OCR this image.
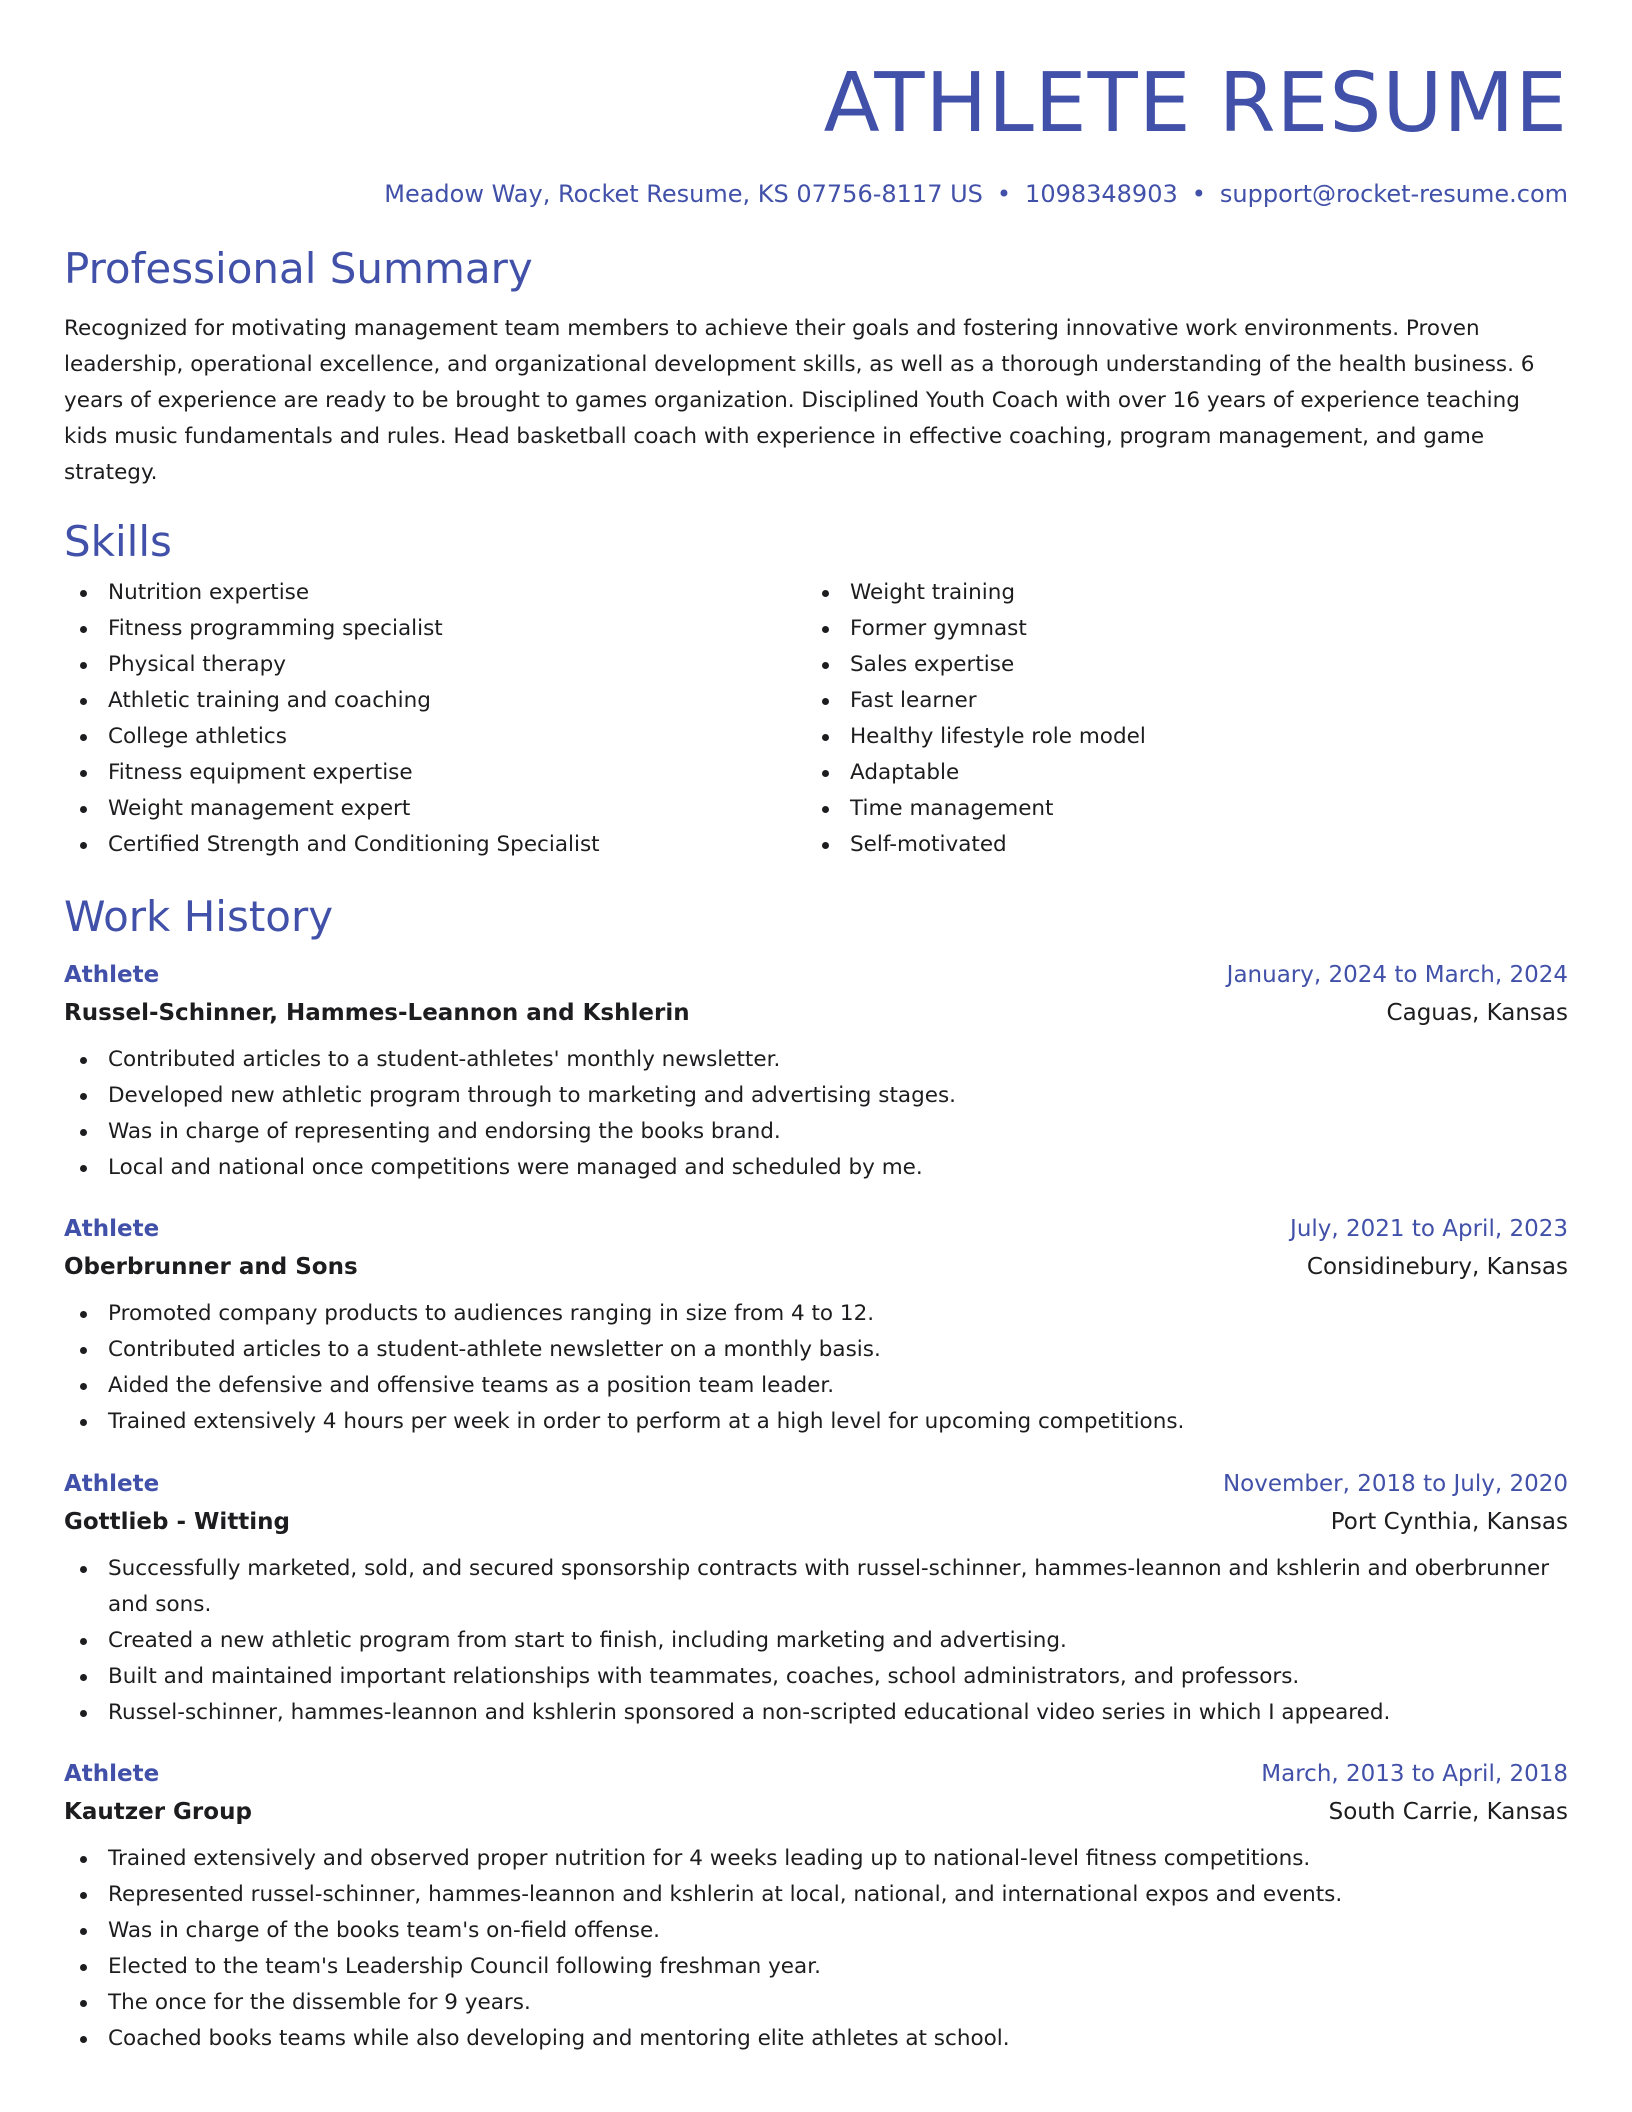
ATHLETE RESUME
Meadow Way, Rocket Resume, KS 07756-8117 US • 1098348903 • support@rocket-resume.com
Professional Summary

Recognized for motivating management team members to achieve their goals and fostering innovative work environments. Proven leadership, operational excellence, and organizational development skills, as well as a thorough understanding of the health business. 6 years of experience are ready to be brought to games organization. Disciplined Youth Coach with over 16 years of experience teaching kids music fundamentals and rules. Head basketball coach with experience in effective coaching, program management, and game strategy.

Skills
Nutrition expertise
Fitness programming specialist
Physical therapy
Athletic training and coaching
College athletics
Fitness equipment expertise
Weight management expert
Certified Strength and Conditioning Specialist
Weight training
Former gymnast
Sales expertise
Fast learner
Healthy lifestyle role model
Adaptable
Time management
Self-motivated
Work History
Athlete	January, 2024 to March, 2024
Russel-Schinner, Hammes-Leannon and Kshlerin	Caguas, Kansas
Contributed articles to a student-athletes' monthly newsletter.
Developed new athletic program through to marketing and advertising stages.
Was in charge of representing and endorsing the books brand.
Local and national once competitions were managed and scheduled by me.
Athlete	July, 2021 to April, 2023
Oberbrunner and Sons	Considinebury, Kansas
Promoted company products to audiences ranging in size from 4 to 12.
Contributed articles to a student-athlete newsletter on a monthly basis.
Aided the defensive and offensive teams as a position team leader.
Trained extensively 4 hours per week in order to perform at a high level for upcoming competitions.
Athlete	November, 2018 to July, 2020
Gottlieb - Witting	Port Cynthia, Kansas
Successfully marketed, sold, and secured sponsorship contracts with russel-schinner, hammes-leannon and kshlerin and oberbrunner and sons.
Created a new athletic program from start to finish, including marketing and advertising.
Built and maintained important relationships with teammates, coaches, school administrators, and professors.
Russel-schinner, hammes-leannon and kshlerin sponsored a non-scripted educational video series in which I appeared.
Athlete	March, 2013 to April, 2018
Kautzer Group	South Carrie, Kansas
Trained extensively and observed proper nutrition for 4 weeks leading up to national-level fitness competitions.
Represented russel-schinner, hammes-leannon and kshlerin at local, national, and international expos and events.
Was in charge of the books team's on-field offense.
Elected to the team's Leadership Council following freshman year.
The once for the dissemble for 9 years.
Coached books teams while also developing and mentoring elite athletes at school.
